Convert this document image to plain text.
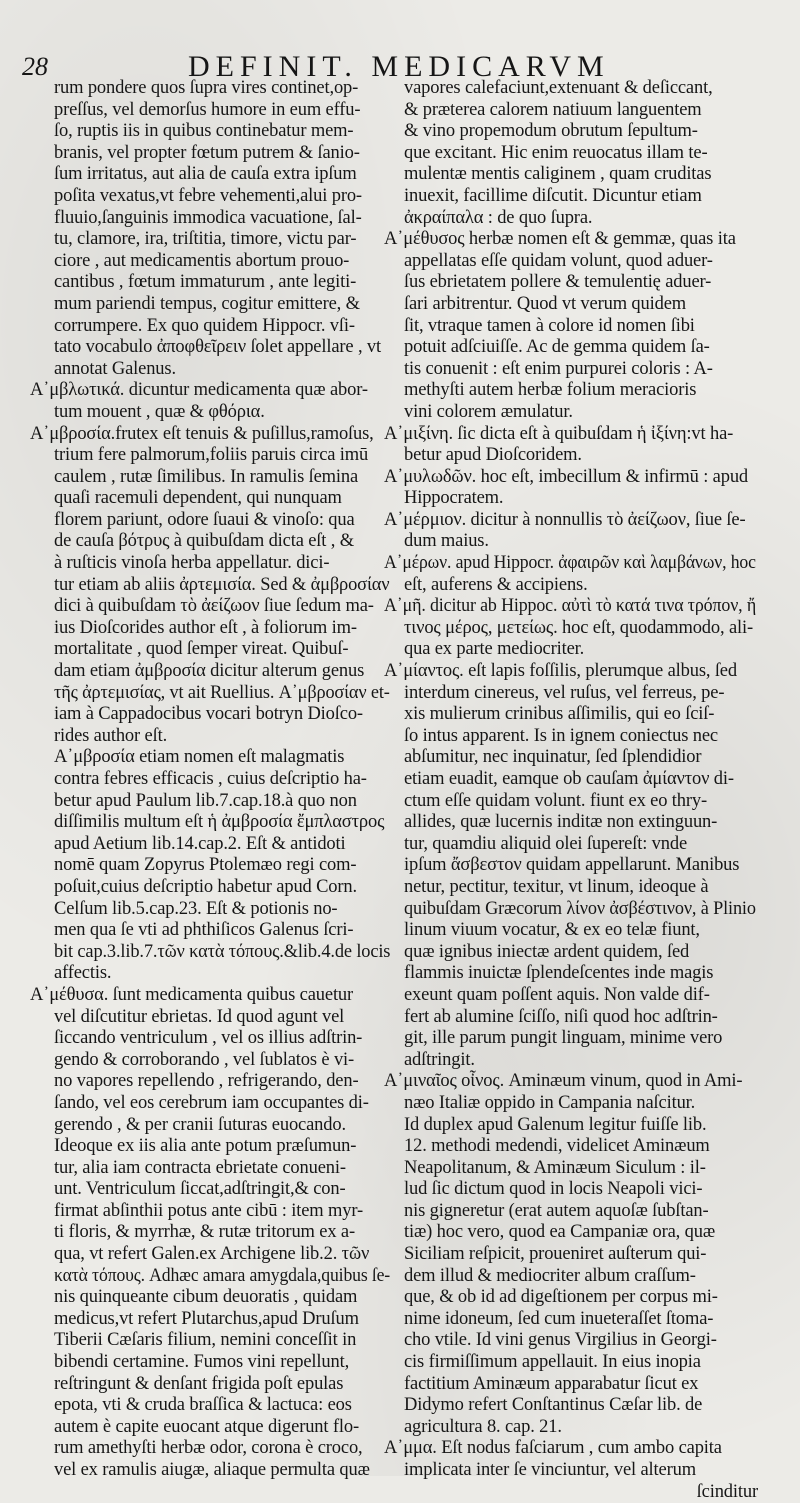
28	DEFINIT. MEDICARVM
rum pondere quos ſupra vires continet,op-
preſſus, vel demorſus humore in eum effu-
ſo, ruptis iis in quibus continebatur mem-
branis, vel propter fœtum putrem & ſanio-
ſum irritatus, aut alia de cauſa extra ipſum
poſita vexatus,vt febre vehementi,alui pro-
fluuio,ſanguinis immodica vacuatione, ſal-
tu, clamore, ira, triſtitia, timore, victu par-
ciore , aut medicamentis abortum prouo-
cantibus , fœtum immaturum , ante legiti-
mum pariendi tempus, cogitur emittere, &
corrumpere. Ex quo quidem Hippocr. vſi-
tato vocabulo ἀποφθεῖρειν ſolet appellare , vt
annotat Galenus.
Α᾽μβλωτικά. dicuntur medicamenta quæ abor-
tum mouent , quæ & φθόρια.
Α᾽μβροσία.frutex eſt tenuis & puſillus,ramoſus,
trium fere palmorum,foliis paruis circa imū
caulem , rutæ ſimilibus. In ramulis ſemina
quaſi racemuli dependent, qui nunquam
florem pariunt, odore ſuaui & vinoſo: qua
de cauſa βότρυς à quibuſdam dicta eſt , &
à ruſticis vinoſa herba appellatur. dici-
tur etiam ab aliis ἀρτεμισία. Sed & ἀμβροσίαν
dici à quibuſdam τὸ ἀείζωον ſiue ſedum ma-
ius Dioſcorides author eſt , à foliorum im-
mortalitate , quod ſemper vireat. Quibuſ-
dam etiam ἀμβροσία dicitur alterum genus
τῆς ἀρτεμισίας, vt ait Ruellius. Α᾽μβροσίαν et-
iam à Cappadocibus vocari botryn Dioſco-
rides author eſt.
Α᾽μβροσία etiam nomen eſt malagmatis
contra febres efficacis , cuius deſcriptio ha-
betur apud Paulum lib.7.cap.18.à quo non
diſſimilis multum eſt ἡ ἀμβροσία ἔμπλαστρος
apud Aetium lib.14.cap.2. Eſt & antidoti
nomē quam Zopyrus Ptolemæo regi com-
poſuit,cuius deſcriptio habetur apud Corn.
Celſum lib.5.cap.23. Eſt & potionis no-
men qua ſe vti ad phthiſicos Galenus ſcri-
bit cap.3.lib.7.τῶν κατὰ τόπους.&lib.4.de locis
affectis.
Α᾽μέθυσα. ſunt medicamenta quibus cauetur
vel diſcutitur ebrietas. Id quod agunt vel
ſiccando ventriculum , vel os illius adſtrin-
gendo & corroborando , vel ſublatos è vi-
no vapores repellendo , refrigerando, den-
ſando, vel eos cerebrum iam occupantes di-
gerendo , & per cranii ſuturas euocando.
Ideoque ex iis alia ante potum præſumun-
tur, alia iam contracta ebrietate conueni-
unt. Ventriculum ſiccat,adſtringit,& con-
firmat abſinthii potus ante cibū : item myr-
ti floris, & myrrhæ, & rutæ tritorum ex a-
qua, vt refert Galen.ex Archigene lib.2. τῶν
κατὰ τόπους. Adhæc amara amygdala,quibus ſe-
nis quinqueante cibum deuoratis , quidam
medicus,vt refert Plutarchus,apud Druſum
Tiberii Cæſaris filium, nemini conceſſit in
bibendi certamine. Fumos vini repellunt,
reſtringunt & denſant frigida poſt epulas
epota, vti & cruda braſſica & lactuca: eos
autem è capite euocant atque digerunt flo-
rum amethyſti herbæ odor, corona è croco,
vel ex ramulis aiugæ, aliaque permulta quæ
vapores calefaciunt,extenuant & deſiccant,
& præterea calorem natiuum languentem
& vino propemodum obrutum ſepultum-
que excitant. Hic enim reuocatus illam te-
mulentæ mentis caliginem , quam cruditas
inuexit, facillime diſcutit. Dicuntur etiam
ἀκραίπαλα : de quo ſupra.
Α᾽μέθυσος herbæ nomen eſt & gemmæ, quas ita
appellatas eſſe quidam volunt, quod aduer-
ſus ebrietatem pollere & temulentię aduer-
ſari arbitrentur. Quod vt verum quidem
ſit, vtraque tamen à colore id nomen ſibi
potuit adſciuiſſe. Ac de gemma quidem ſa-
tis conuenit : eſt enim purpurei coloris : A-
methyſti autem herbæ folium meracioris
vini colorem æmulatur.
Α᾽μιξίνη. ſic dicta eſt à quibuſdam ἡ ἰξίνη:vt ha-
betur apud Dioſcoridem.
Α᾽μυλωδῶν. hoc eſt, imbecillum & infirmū : apud
Hippocratem.
Α᾽μέρμιον. dicitur à nonnullis τὸ ἀείζωον, ſiue ſe-
dum maius.
Α᾽μέρων. apud Hippocr. ἀφαιρῶν καὶ λαμβάνων, hoc
eſt, auferens & accipiens.
Α᾽μῆ. dicitur ab Hippoc. αὐτὶ τὸ κατά τινα τρόπον, ἤ
τινος μέρος, μετείως. hoc eſt, quodammodo, ali-
qua ex parte mediocriter.
Α᾽μίαντος. eſt lapis foſſilis, plerumque albus, ſed
interdum cinereus, vel ruſus, vel ferreus, pe-
xis mulierum crinibus aſſimilis, qui eo ſciſ-
ſo intus apparent. Is in ignem coniectus nec
abſumitur, nec inquinatur, ſed ſplendidior
etiam euadit, eamque ob cauſam ἀμίαντον di-
ctum eſſe quidam volunt. fiunt ex eo thry-
allides, quæ lucernis inditæ non extinguun-
tur, quamdiu aliquid olei ſupereſt: vnde
ipſum ἄσβεστον quidam appellarunt. Manibus
netur, pectitur, texitur, vt linum, ideoque à
quibuſdam Græcorum λίνον ἀσβέστινον, à Plinio
linum viuum vocatur, & ex eo telæ fiunt,
quæ ignibus iniectæ ardent quidem, ſed
flammis inuictæ ſplendeſcentes inde magis
exeunt quam poſſent aquis. Non valde dif-
fert ab alumine ſciſſo, niſi quod hoc adſtrin-
git, ille parum pungit linguam, minime vero
adſtringit.
Α᾽μιναῖος οἶνος. Aminæum vinum, quod in Ami-
næo Italiæ oppido in Campania naſcitur.
Id duplex apud Galenum legitur fuiſſe lib.
12. methodi medendi, videlicet Aminæum
Neapolitanum, & Aminæum Siculum : il-
lud ſic dictum quod in locis Neapoli vici-
nis gigneretur (erat autem aquoſæ ſubſtan-
tiæ) hoc vero, quod ea Campaniæ ora, quæ
Siciliam reſpicit, proueniret auſterum qui-
dem illud & mediocriter album craſſum-
que, & ob id ad digeſtionem per corpus mi-
nime idoneum, ſed cum inueteraſſet ſtoma-
cho vtile. Id vini genus Virgilius in Georgi-
cis firmiſſimum appellauit. In eius inopia
factitium Aminæum apparabatur ſicut ex
Didymo refert Conſtantinus Cæſar lib. de
agricultura 8. cap. 21.
Α᾽μμα. Eſt nodus faſciarum , cum ambo capita
implicata inter ſe vinciuntur, vel alterum
ſcinditur
